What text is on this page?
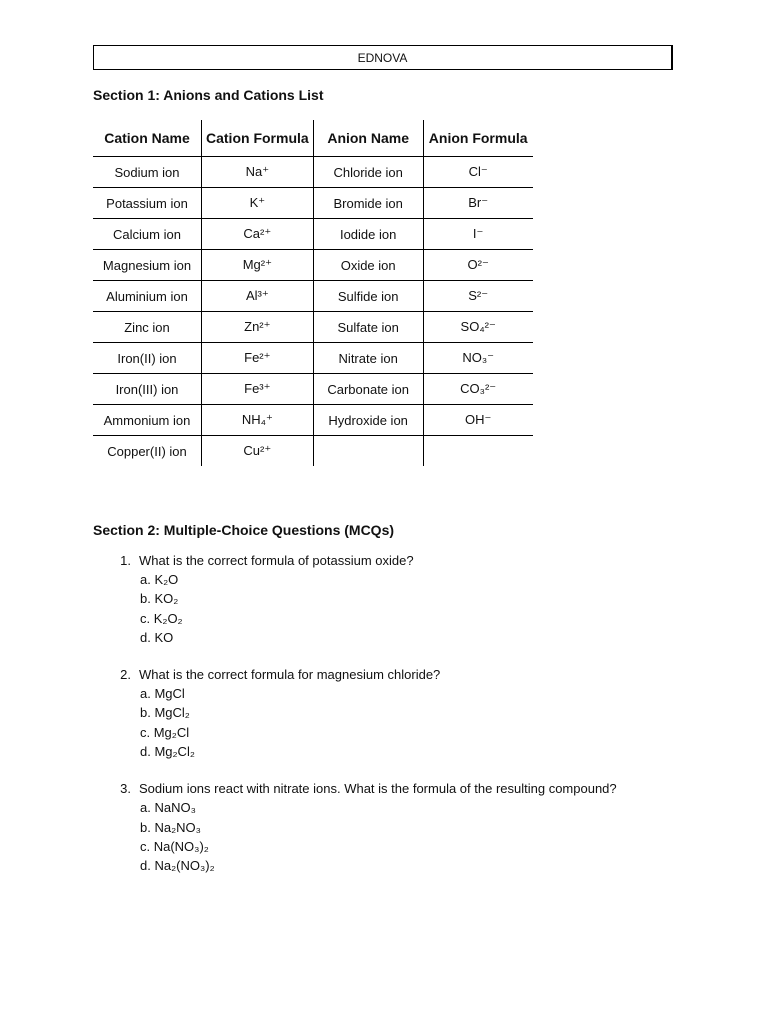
EDNOVA
Section 1: Anions and Cations List
Cation Name	Cation Formula	Anion Name	Anion Formula
Sodium ion	Na⁺	Chloride ion	Cl⁻
Potassium ion	K⁺	Bromide ion	Br⁻
Calcium ion	Ca²⁺	Iodide ion	I⁻
Magnesium ion	Mg²⁺	Oxide ion	O²⁻
Aluminium ion	Al³⁺	Sulfide ion	S²⁻
Zinc ion	Zn²⁺	Sulfate ion	SO₄²⁻
Iron(II) ion	Fe²⁺	Nitrate ion	NO₃⁻
Iron(III) ion	Fe³⁺	Carbonate ion	CO₃²⁻
Ammonium ion	NH₄⁺	Hydroxide ion	OH⁻
Copper(II) ion	Cu²⁺		
Section 2: Multiple-Choice Questions (MCQs)
1. What is the correct formula of potassium oxide?
a. K₂O
b. KO₂
c. K₂O₂
d. KO
2. What is the correct formula for magnesium chloride?
a. MgCl
b. MgCl₂
c. Mg₂Cl
d. Mg₂Cl₂
3. Sodium ions react with nitrate ions. What is the formula of the resulting compound?
a. NaNO₃
b. Na₂NO₃
c. Na(NO₃)₂
d. Na₂(NO₃)₂
